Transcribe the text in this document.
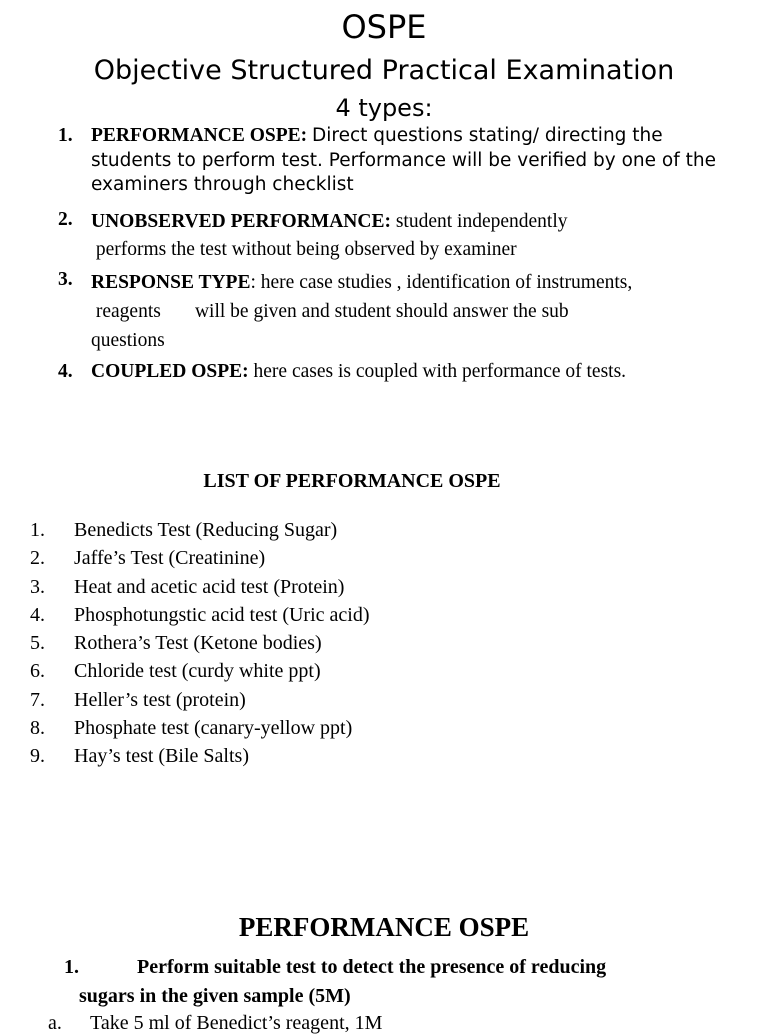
OSPE
Objective Structured Practical Examination
4 types:
1. PERFORMANCE OSPE: Direct questions stating/ directing the
students to perform test. Performance will be verified by one of the
examiners through checklist
2. UNOBSERVED PERFORMANCE: student independently
performs the test without being observed by examiner
3. RESPONSE TYPE: here case studies , identification of instruments,
reagents       will be given and student should answer the sub
questions
4. COUPLED OSPE: here cases is coupled with performance of tests.
LIST OF PERFORMANCE OSPE
1. Benedicts Test (Reducing Sugar)
2. Jaffe’s Test (Creatinine)
3. Heat and acetic acid test (Protein)
4. Phosphotungstic acid test (Uric acid)
5. Rothera’s Test (Ketone bodies)
6. Chloride test (curdy white ppt)
7. Heller’s test (protein)
8. Phosphate test (canary-yellow ppt)
9. Hay’s test (Bile Salts)
PERFORMANCE OSPE
1.	Perform suitable test to detect the presence of reducing
sugars in the given sample (5M)
a. Take 5 ml of Benedict’s reagent, 1M
